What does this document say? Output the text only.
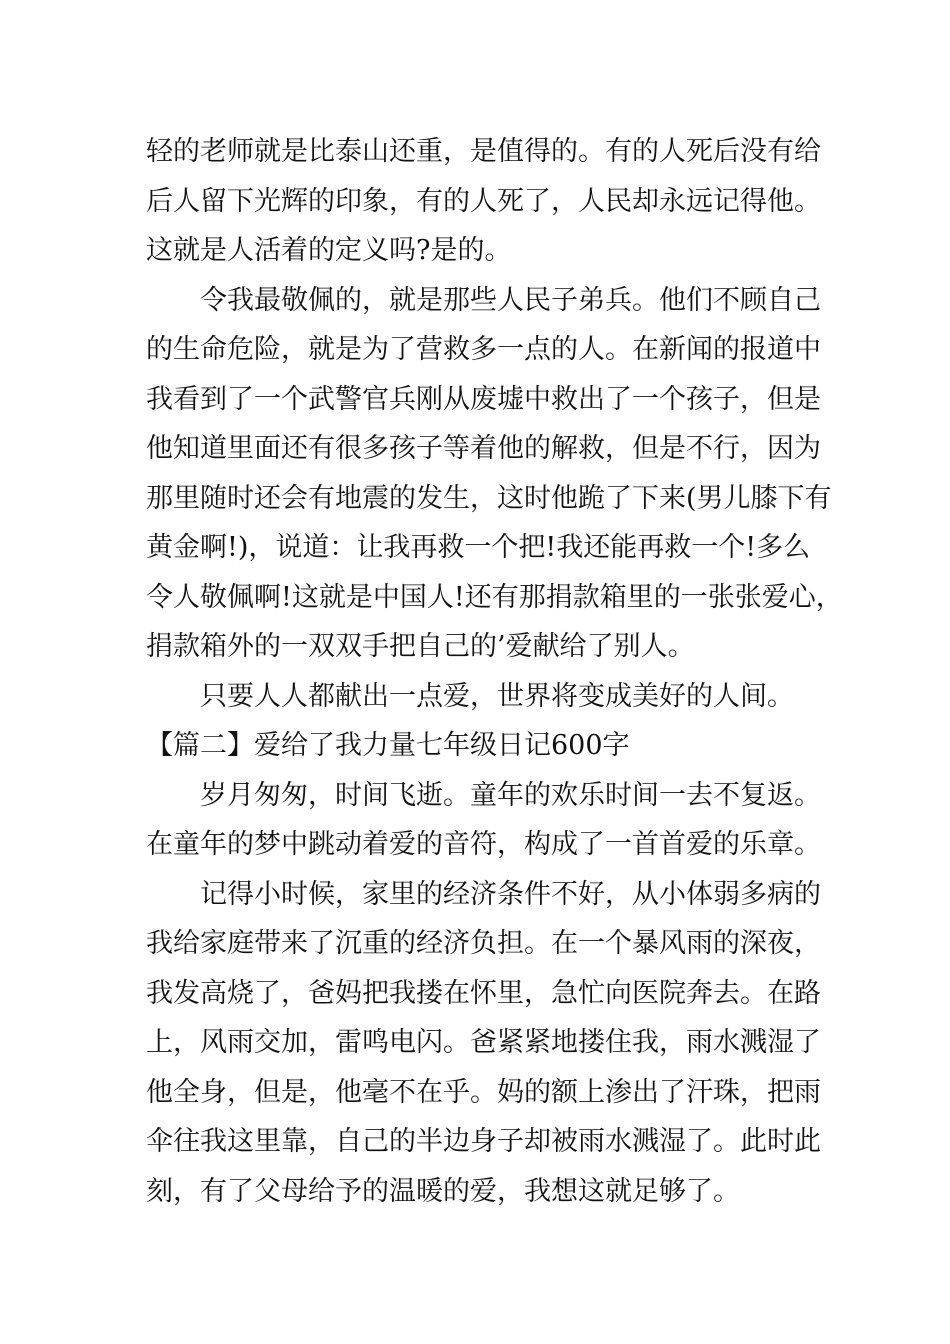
轻的老师就是比泰山还重，是值得的。有的人死后没有给
后人留下光辉的印象，有的人死了，人民却永远记得他。
这就是人活着的定义吗?是的。
令我最敬佩的，就是那些人民子弟兵。他们不顾自己
的生命危险，就是为了营救多一点的人。在新闻的报道中
我看到了一个武警官兵刚从废墟中救出了一个孩子，但是
他知道里面还有很多孩子等着他的解救，但是不行，因为
那里随时还会有地震的发生，这时他跪了下来(男儿膝下有
黄金啊!)，说道：让我再救一个把!我还能再救一个!多么
令人敬佩啊!这就是中国人!还有那捐款箱里的一张张爱心，
捐款箱外的一双双手把自己的’爱献给了别人。
只要人人都献出一点爱，世界将变成美好的人间。
【篇二】爱给了我力量七年级日记600字
岁月匆匆，时间飞逝。童年的欢乐时间一去不复返。
在童年的梦中跳动着爱的音符，构成了一首首爱的乐章。
记得小时候，家里的经济条件不好，从小体弱多病的
我给家庭带来了沉重的经济负担。在一个暴风雨的深夜，
我发高烧了，爸妈把我搂在怀里，急忙向医院奔去。在路
上，风雨交加，雷鸣电闪。爸紧紧地搂住我，雨水溅湿了
他全身，但是，他毫不在乎。妈的额上渗出了汗珠，把雨
伞往我这里靠，自己的半边身子却被雨水溅湿了。此时此
刻，有了父母给予的温暖的爱，我想这就足够了。
